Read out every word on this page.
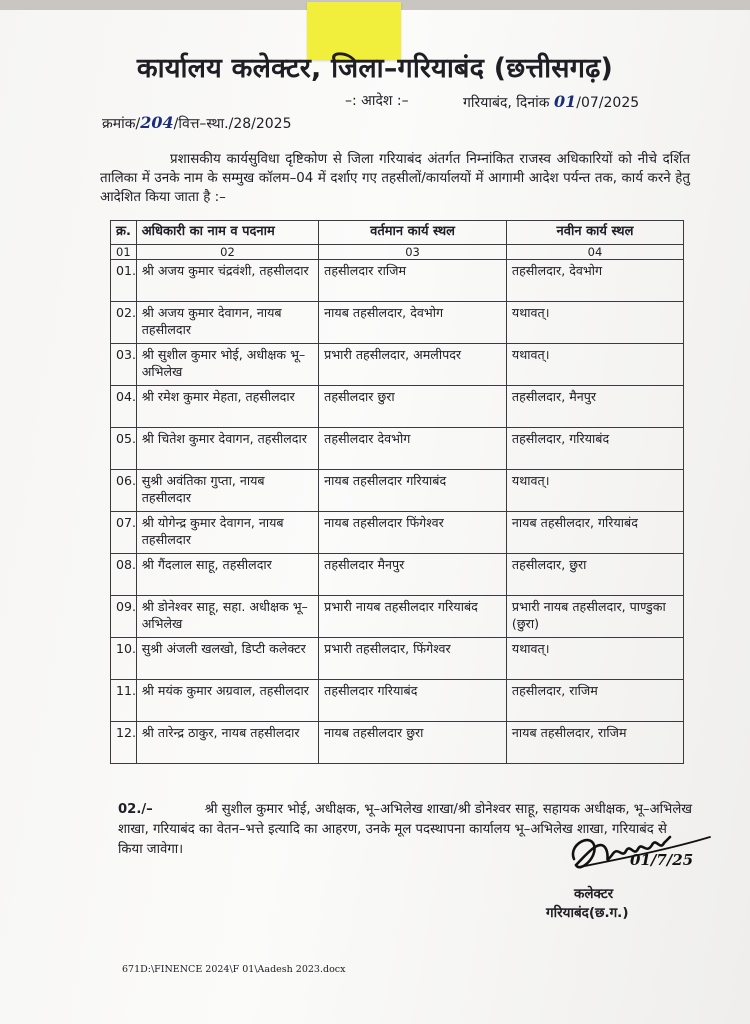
कार्यालय कलेक्टर, जिला–गरियाबंद (छत्तीसगढ़)
–: आदेश :–	गरियाबंद, दिनांक 01/07/2025
क्रमांक/204/वित्त–स्था./28/2025
प्रशासकीय कार्यसुविधा दृष्टिकोण से जिला गरियाबंद अंतर्गत निम्नांकित राजस्व अधिकारियों को नीचे दर्शित तालिका में उनके नाम के सम्मुख कॉलम–04 में दर्शाए गए तहसीलों/कार्यालयों में आगामी आदेश पर्यन्त तक, कार्य करने हेतु आदेशित किया जाता है :–
क्र.	अधिकारी का नाम व पदनाम	वर्तमान कार्य स्थल	नवीन कार्य स्थल
01	02	03	04
01.	श्री अजय कुमार चंद्रवंशी, तहसीलदार	तहसीलदार राजिम	तहसीलदार, देवभोग
02.	श्री अजय कुमार देवागन, नायब तहसीलदार	नायब तहसीलदार, देवभोग	यथावत्।
03.	श्री सुशील कुमार भोई, अधीक्षक भू–अभिलेख	प्रभारी तहसीलदार, अमलीपदर	यथावत्।
04.	श्री रमेश कुमार मेहता, तहसीलदार	तहसीलदार छुरा	तहसीलदार, मैनपुर
05.	श्री चितेश कुमार देवागन, तहसीलदार	तहसीलदार देवभोग	तहसीलदार, गरियाबंद
06.	सुश्री अवंतिका गुप्ता, नायब तहसीलदार	नायब तहसीलदार गरियाबंद	यथावत्।
07.	श्री योगेन्द्र कुमार देवागन, नायब तहसीलदार	नायब तहसीलदार फिंगेश्वर	नायब तहसीलदार, गरियाबंद
08.	श्री गैंदलाल साहू, तहसीलदार	तहसीलदार मैनपुर	तहसीलदार, छुरा
09.	श्री डोनेश्वर साहू, सहा. अधीक्षक भू–अभिलेख	प्रभारी नायब तहसीलदार गरियाबंद	प्रभारी नायब तहसीलदार, पाण्डुका (छुरा)
10.	सुश्री अंजली खलखो, डिप्टी कलेक्टर	प्रभारी तहसीलदार, फिंगेश्वर	यथावत्।
11.	श्री मयंक कुमार अग्रवाल, तहसीलदार	तहसीलदार गरियाबंद	तहसीलदार, राजिम
12.	श्री तारेन्द्र ठाकुर, नायब तहसीलदार	नायब तहसीलदार छुरा	नायब तहसीलदार, राजिम
02./–	श्री सुशील कुमार भोई, अधीक्षक, भू–अभिलेख शाखा/श्री डोनेश्वर साहू, सहायक अधीक्षक, भू–अभिलेख शाखा, गरियाबंद का वेतन–भत्ते इत्यादि का आहरण, उनके मूल पदस्थापना कार्यालय भू–अभिलेख शाखा, गरियाबंद से किया जावेगा।
01/7/25
कलेक्टर
गरियाबंद(छ.ग.)
671D:\FINENCE 2024\F 01\Aadesh 2023.docx
